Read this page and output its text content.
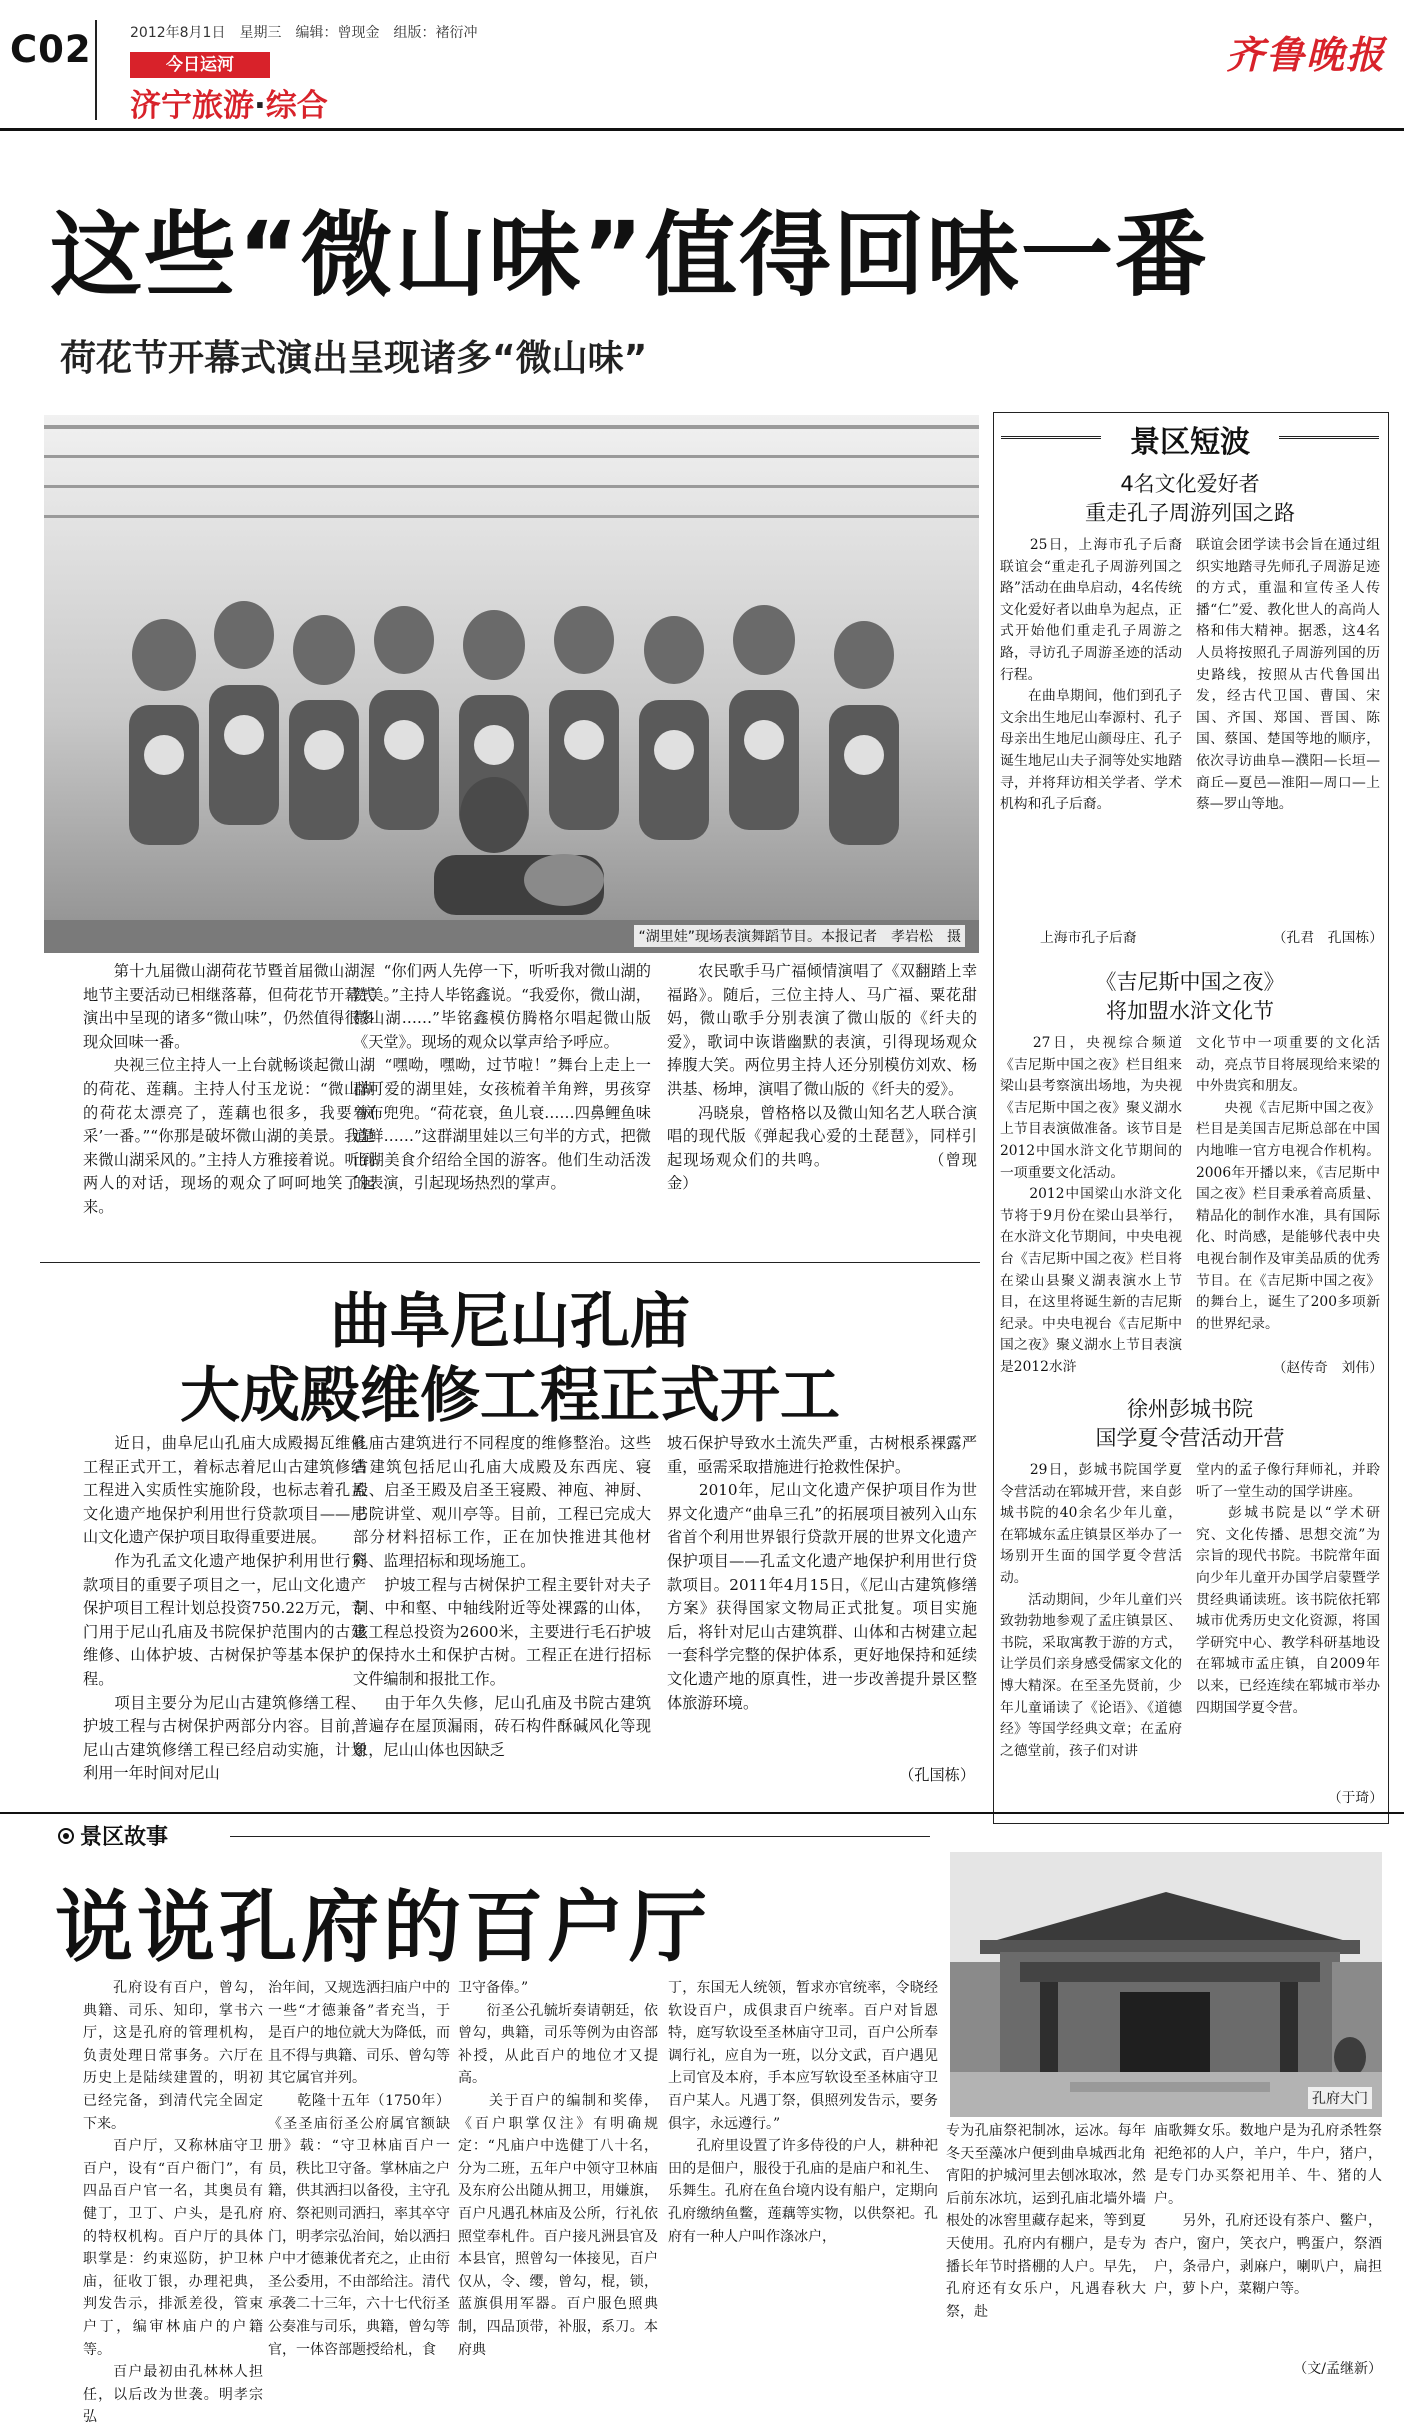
C02	2012年8月1日　星期三　编辑：曾现金　组版：褚衍冲
今日运河
济宁旅游·综合
齐鲁晚报
这些“微山味”值得回味一番
荷花节开幕式演出呈现诸多“微山味”
“湖里娃”现场表演舞蹈节目。本报记者　孝岩松　摄
　　第十九届微山湖荷花节暨首届微山湖渥地节主要活动已相继落幕，但荷花节开幕式演出中呈现的诸多“微山味”，仍然值得很多现众回味一番。
　　央视三位主持人一上台就畅谈起微山湖的荷花、莲藕。主持人付玉龙说：“微山湖的荷花太漂亮了，莲藕也很多，我要‘疯采’一番。”“你那是破坏微山湖的美景。我是来微山湖采风的。”主持人方雅接着说。听到两人的对话，现场的观众了呵呵地笑了起来。
　　“你们两人先停一下，听听我对微山湖的赞美。”主持人毕铭鑫说。“我爱你，微山湖，微山湖……”毕铭鑫模仿腾格尔唱起微山版《天堂》。现场的观众以掌声给予呼应。
　　“嘿呦，嘿呦，过节啦！”舞台上走上一群可爱的湖里娃，女孩梳着羊角辫，男孩穿着布兜兜。“荷花衰，鱼儿衰……四鼻鲤鱼味道鲜……”这群湖里娃以三句半的方式，把微山湖美食介绍给全国的游客。他们生动活泼的表演，引起现场热烈的掌声。
　　农民歌手马广福倾情演唱了《双翻踏上幸福路》。随后，三位主持人、马广福、粟花甜妈，微山歌手分别表演了微山版的《纤夫的爱》，歌词中诙谐幽默的表演，引得现场观众捧腹大笑。两位男主持人还分别模仿刘欢、杨洪基、杨坤，演唱了微山版的《纤夫的爱》。
　　冯晓泉，曾格格以及微山知名艺人联合演唱的现代版《弹起我心爱的土琵琶》，同样引起现场观众们的共鸣。　　　　　　　（曾现金）
景区短波
4名文化爱好者
重走孔子周游列国之路
　　25日，上海市孔子后裔联谊会“重走孔子周游列国之路”活动在曲阜启动，4名传统文化爱好者以曲阜为起点，正式开始他们重走孔子周游之路，寻访孔子周游圣迹的活动行程。
　　在曲阜期间，他们到孔子文余出生地尼山奉源村、孔子母亲出生地尼山颜母庄、孔子诞生地尼山夫子洞等处实地踏寻，并将拜访相关学者、学术机构和孔子后裔。
上海市孔子后裔
联谊会团学读书会旨在通过组织实地踏寻先师孔子周游足迹的方式，重温和宣传圣人传播“仁”爱、教化世人的高尚人格和伟大精神。据悉，这4名人员将按照孔子周游列国的历史路线，按照从古代鲁国出发，经古代卫国、曹国、宋国、齐国、郑国、晋国、陈国、蔡国、楚国等地的顺序，依次寻访曲阜—濮阳—长垣—商丘—夏邑—淮阳—周口—上蔡—罗山等地。
（孔君　孔国栋）
《吉尼斯中国之夜》
将加盟水浒文化节
　　27日，央视综合频道《吉尼斯中国之夜》栏目组来梁山县考察演出场地，为央视《吉尼斯中国之夜》聚义湖水上节目表演做准备。该节目是2012中国水浒文化节期间的一项重要文化活动。
　　2012中国梁山水浒文化节将于9月份在梁山县举行，在水浒文化节期间，中央电视台《吉尼斯中国之夜》栏目将在梁山县聚义湖表演水上节目，在这里将诞生新的吉尼斯纪录。中央电视台《吉尼斯中国之夜》聚义湖水上节目表演是2012水浒
文化节中一项重要的文化活动，亮点节目将展现给来梁的中外贵宾和朋友。
　　央视《吉尼斯中国之夜》栏目是美国吉尼斯总部在中国内地唯一官方电视合作机构。2006年开播以来，《吉尼斯中国之夜》栏目秉承着高质量、精品化的制作水准，具有国际化、时尚感，是能够代表中央电视台制作及审美品质的优秀节目。在《吉尼斯中国之夜》的舞台上，诞生了200多项新的世界纪录。
（赵传奇　刘伟）
徐州彭城书院
国学夏令营活动开营
　　29日，彭城书院国学夏令营活动在郓城开营，来自彭城书院的40余名少年儿童，在郓城东孟庄镇景区举办了一场别开生面的国学夏令营活动。
　　活动期间，少年儿童们兴致勃勃地参观了孟庄镇景区、书院，采取寓教于游的方式，让学员们亲身感受儒家文化的博大精深。在至圣先贤前，少年儿童诵读了《论语》、《道德经》等国学经典文章；在孟府之德堂前，孩子们对讲
堂内的孟子像行拜师礼，并聆听了一堂生动的国学讲座。
　　彭城书院是以“学术研究、文化传播、思想交流”为宗旨的现代书院。书院常年面向少年儿童开办国学启蒙暨学贯经典诵读班。该书院依托郓城市优秀历史文化资源，将国学研究中心、教学科研基地设在郓城市孟庄镇，自2009年以来，已经连续在郓城市举办四期国学夏令营。
（于琦）
曲阜尼山孔庙
大成殿维修工程正式开工
　　近日，曲阜尼山孔庙大成殿揭瓦维修工程正式开工，着标志着尼山古建筑修缮工程进入实质性实施阶段，也标志着孔孟文化遗产地保护利用世行贷款项目——尼山文化遗产保护项目取得重要进展。
　　作为孔孟文化遗产地保护利用世行贷款项目的重要子项目之一，尼山文化遗产保护项目工程计划总投资750.22万元，专门用于尼山孔庙及书院保护范围内的古建维修、山体护坡、古树保护等基本保护工程。
　　项目主要分为尼山古建筑修缮工程、护坡工程与古树保护两部分内容。目前，尼山古建筑修缮工程已经启动实施，计划利用一年时间对尼山
孔庙古建筑进行不同程度的维修整治。这些古建筑包括尼山孔庙大成殿及东西庑、寝殿、启圣王殿及启圣王寝殿、神庖、神厨、书院讲堂、观川亭等。目前，工程已完成大部分材料招标工作，正在加快推进其他材料、监理招标和现场施工。
　　护坡工程与古树保护工程主要针对夫子洞、中和壑、中轴线附近等处裸露的山体，该工程总投资为2600米，主要进行毛石护坡的保持水土和保护古树。工程正在进行招标文件编制和报批工作。
　　由于年久失修，尼山孔庙及书院古建筑普遍存在屋顶漏雨，砖石构件酥碱风化等现象，尼山山体也因缺乏
坡石保护导致水土流失严重，古树根系裸露严重，亟需采取措施进行抢救性保护。
　　2010年，尼山文化遗产保护项目作为世界文化遗产“曲阜三孔”的拓展项目被列入山东省首个利用世界银行贷款开展的世界文化遗产保护项目——孔孟文化遗产地保护利用世行贷款项目。2011年4月15日，《尼山古建筑修缮方案》获得国家文物局正式批复。项目实施后，将针对尼山古建筑群、山体和古树建立起一套科学完整的保护体系，更好地保持和延续文化遗产地的原真性，进一步改善提升景区整体旅游环境。
（孔国栋）
景区故事
说说孔府的百户厅
孔府大门
　　孔府设有百户，曾勾，典籍、司乐、知印，掌书六厅，这是孔府的管理机构，负责处理日常事务。六厅在历史上是陆续建置的，明初已经完备，到清代完全固定下来。
　　百户厅，又称林庙守卫百户，设有“百户衙门”，有四品百户官一名，其奥员有健丁，卫丁、户头，是孔府的特权机构。百户厅的具体职掌是：约束巡防，护卫林庙，征收丁银，办理祀典，判发告示，排派差役，管束户丁，编审林庙户的户籍等。
　　百户最初由孔林林人担任，以后改为世袭。明孝宗弘
治年间，又规选洒扫庙户中的一些“才德兼备”者充当，于是百户的地位就大为降低，而且不得与典籍、司乐、曾勾等其它属官并列。
　　乾隆十五年（1750年）《圣圣庙衍圣公府属官额缺册》载：“守卫林庙百户一员，秩比卫守备。掌林庙之户籍，供其洒扫以备役，主守孔府、祭祀则司洒扫，率其卒守门，明孝宗弘治间，始以洒扫户中才德兼优者充之，止由衍圣公委用，不由部给注。清代承袭二十三年，六十七代衍圣公奏准与司乐，典籍，曾勾等官，一体咨部题授给札，食
卫守备俸。”
　　衍圣公孔毓圻奏请朝廷，依曾勾，典籍，司乐等例为由咨部补授，从此百户的地位才又提高。
　　关于百户的编制和奖俸，《百户职掌仅注》有明确规定：“凡庙户中选健丁八十名，分为二班，五年户中领守卫林庙及东府公出随从拥卫，用嫌旗，百户凡遇孔林庙及公所，行礼依照堂奉札件。百户接凡洲县官及本县官，照曾勾一体接见，百户仅从，令、缨，曾勾，棍，锁，蓝旗俱用军器。百户服色照典制，四品顶带，补服，系刀。本府典
丁，东国无人统领，暂求亦官统率，令晓经软设百户，成俱隶百户统率。百户对旨恩特，庭写软设至圣林庙守卫司，百户公所奉调行礼，应自为一班，以分文武，百户遇见上司官及本府，手本应写软设至圣林庙守卫百户某人。凡遇丁祭，俱照列发告示，要务俱字，永远遵行。”
　　孔府里设置了许多侍役的户人，耕种祀田的是佃户，服役于孔庙的是庙户和礼生、乐舞生。孔府在鱼台境内设有船户，定期向孔府缴纳鱼鳖，莲藕等实物，以供祭祀。孔府有一种人户叫作涤冰户，
专为孔庙祭祀制冰，运冰。每年冬天至藻冰户便到曲阜城西北角宵阳的护城河里去刨冰取冰，然后前东冰坑，运到孔庙北墙外墙根处的冰窖里藏存起来，等到夏天使用。孔府内有棚户，是专为播长年节时搭棚的人户。早先，孔府还有女乐户，凡遇春秋大祭，赴
庙歌舞女乐。数地户是为孔府杀牲祭祀绝祁的人户，羊户，牛户，猪户，是专门办买祭祀用羊、牛、猪的人户。
　　另外，孔府还设有茶户、鳖户，杏户，窗户，笑衣户，鸭蛋户，祭酒户，条帚户，剥麻户，喇叭户，扁担户，萝卜户，菜糊户等。
（文/孟继新）
